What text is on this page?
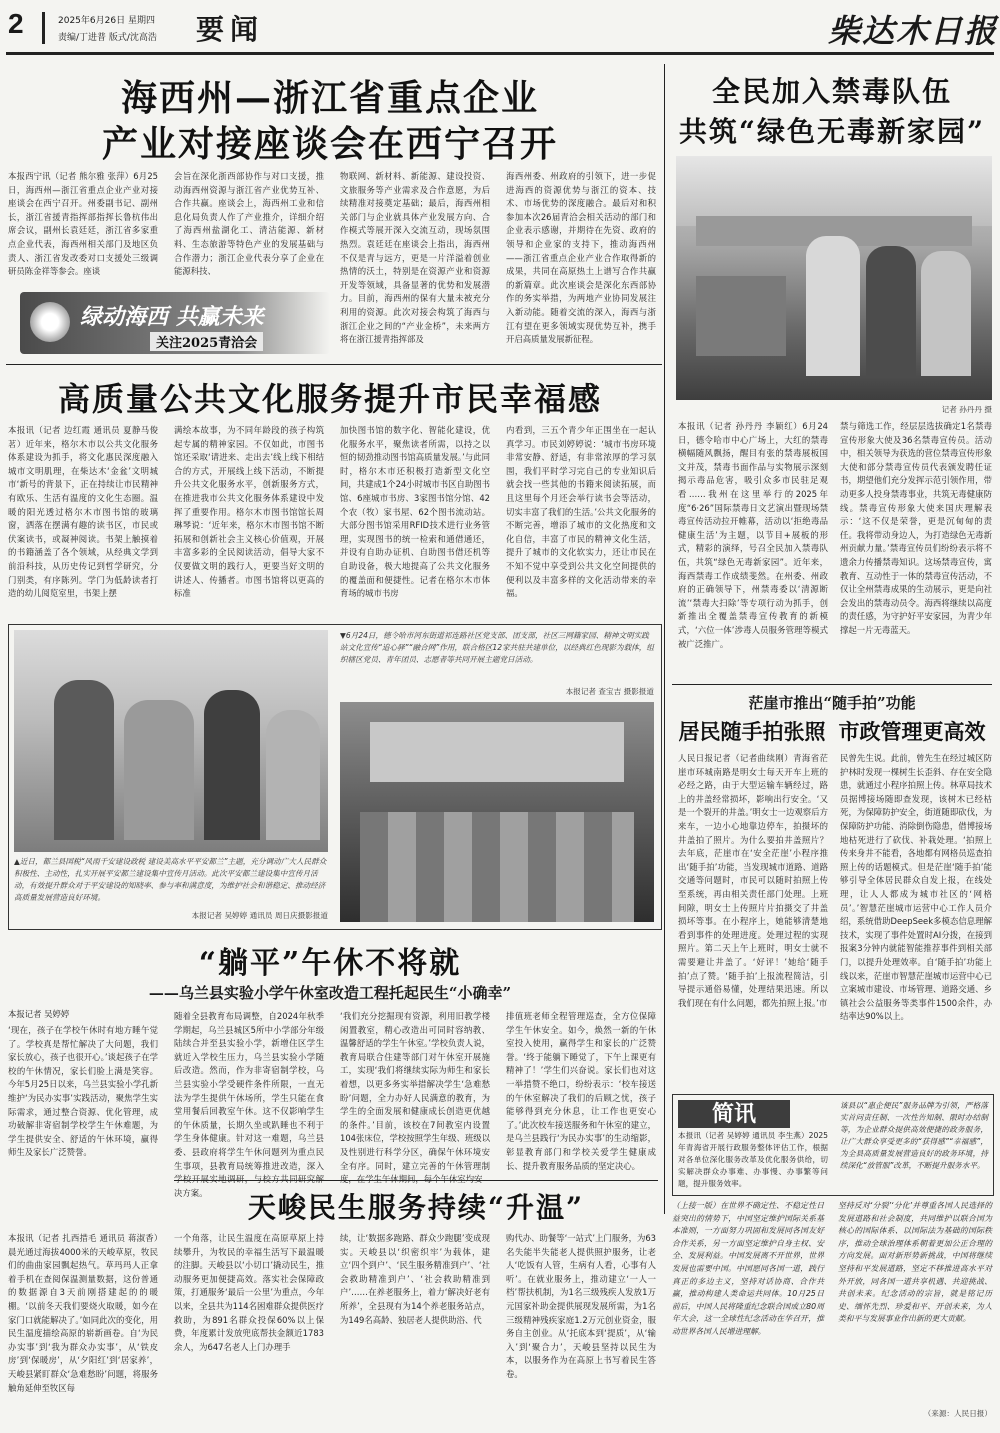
2	2025年6月26日 星期四
责编/丁进普 版式/沈高浩 要闻	柴达木日报
海西州—浙江省重点企业
产业对接座谈会在西宁召开
本报西宁讯（记者 熊尔雅 张萍）6月25日，海西州—浙江省重点企业产业对接座谈会在西宁召开。州委副书记、副州长，浙江省援青指挥部指挥长鲁杭伟出席会议，副州长袁廷廷，浙江省多家重点企业代表，海西州相关部门及地区负责人、浙江省发改委对口支援处三级调研员陈金祥等参会。座谈
会旨在深化浙西部协作与对口支援，推动海西州资源与浙江省产业优势互补、合作共赢。座谈会上，海西州工业和信息化局负责人作了产业推介，详细介绍了海西州盐湖化工、清洁能源、新材料、生态旅游等特色产业的发展基础与合作潜力；浙江企业代表分享了企业在能源科技、
物联网、新材料、新能源、建设投资、文旅服务等产业需求及合作意愿，为后续精准对接奠定基础；最后，海西州相关部门与企业就具体产业发展方向、合作模式等展开深入交流互动，现场氛围热烈。袁廷廷在座谈会上指出，海西州不仅是青与远方，更是一片洋溢着创业热情的沃土，特别是在资源产业和资源开发等领域，具备显著的优势和发展潜力。目前，海西州的保有大量未被充分利用的资源。此次对接会构筑了海西与浙江企业之间的“产业金桥”，未来两方将在浙江援青指挥部及
海西州委、州政府的引领下，进一步促进海西的资源优势与浙江的资本、技术、市场优势的深度融合。最后对和积参加本次26届青洽会相关活动的部门和企业表示感谢，并期待在先资、政府的领导和企业家的支持下，推动海西州——浙江省重点企业产业合作取得新的成果，共同在高原热土上谱写合作共赢的新篇章。此次座谈会是深化东西部协作的务实举措，为两地产业协同发展注入新动能。随着交流的深入，海西与浙江有望在更多领域实现优势互补，携手开启高质量发展新征程。
绿动海西 共赢未来
关注2025青洽会
全民加入禁毒队伍
共筑“绿色无毒新家园”
记者 孙丹丹 摄
本报讯（记者 孙丹丹 李颖红）6月24日，德令哈市中心广场上，大红的禁毒横幅随风飘扬，醒目有张的禁毒展板国文并茂，禁毒书面作品与实物展示深刻揭示毒品危害，吸引众多市民驻足观看……我州在这里举行的2025年度“6·26”国际禁毒日文艺演出暨现场禁毒宣传活动拉开帷幕，活动以‘拒绝毒品 健康生活’为主题，以节目+展板的形式，精彩的演绎，号召全民加入禁毒队伍，共筑“绿色无毒新家园”。近年来，海西禁毒工作成绩斐然。在州委、州政府的正确领导下，州禁毒委以‘清源断流’‘禁毒大扫除’等专项行动为抓手，创新推出全覆盖禁毒宣传教育的新模式，‘六位一体’涉毒人员服务管理等模式被广泛推广。
禁与筛选工作，经层层选拔确定1名禁毒宣传形象大使及36名禁毒宣传员。活动中，相关领导为获选的营位禁毒宣传形象大使和部分禁毒宣传员代表颁发聘任证书，期望他们充分发挥示范引领作用，带动更多人投身禁毒事业，共筑无毒健康防线。禁毒宣传形象大使来国庆理解表示：‘这不仅是荣誉，更是沉甸甸的责任。我将带动身边人，为打造绿色无毒新州贡献力量。’禁毒宣传员们纷纷表示将不遗余力传播禁毒知识。这场禁毒宣传，寓教育、互动性于一体的禁毒宣传活动，不仅让全州禁毒成果的生动展示，更是向社会发出的禁毒动员令。海西将继续以高度的责任感，为守护好平安家园，为青少年撑起一片无毒蓝天。
高质量公共文化服务提升市民幸福感
本报讯（记者 边红霞 通讯员 夏静马俊茗）近年来，格尔木市以公共文化服务体系建设为抓手，将文化惠民深度融入城市文明肌理，在柴达木‘金盆’文明城市‘新号的背景下，正在持续让市民精神有欧乐、生活有温度的文化生态圈。温暖的阳光透过格尔木市图书馆的玻璃窗，洒落在摆满有趣的读书区，市民或伏案读书，或凝神阅读。书架上触摸着的书籍涵盖了各个领域，从经典文学到前沿科技，从历史传记到哲学研究，分门别类，有序陈列。学门为低龄读者打造的幼儿阅览室里，书架上摆
满绘本故事，为不同年龄段的孩子构筑起专属的精神家园。不仅如此，市图书馆还采取‘请进来、走出去’线上线下相结合的方式，开展线上线下活动，不断提升公共文化服务水平，创新服务方式，在推进我市公共文化服务体系建设中发挥了重要作用。格尔木市图书馆馆长周琳琴说：‘近年来，格尔木市图书馆不断拓展和创新社会主义核心价值观，开展丰富多彩的全民阅读活动，倡导大家不仅要做文明的践行人，更要当好文明的讲述人、传播者。市图书馆将以更高的标准
加快图书馆的数字化、智能化建设，优化服务水平，聚焦读者所需，以持之以恒的韧劲推动图书馆高质量发展。’与此同时，格尔木市还积极打造新型文化空间，共建成1个24小时城市书区自助图书馆、6座城市书房、3家图书馆分馆、42个农（牧）家书屋、62个图书流动站。大部分图书馆采用RFID技术进行业务管理，实现图书的统一检索和通借通还，并设有自助办证机、自助图书借还机等自助设备，极大地提高了公共文化服务的覆盖面和便捷性。记者在格尔木市体育场的城市书房
内看到，三五个青少年正围坐在一起认真学习。市民刘婷婷说：‘城市书房环境非常安静、舒适，有非常浓厚的学习氛围，我们平时学习完自己的专业知识后就会找一些其他的书籍来阅读拓展，而且这里每个月还会举行读书会等活动，切实丰富了我们的生活。’公共文化服务的不断完善，增添了城市的文化热度和文化自信，丰富了市民的精神文化生活，提升了城市的文化软实力，还让市民在不知不觉中享受到公共文化空间提供的便利以及丰富多样的文化活动带来的幸福。
▲近日，都兰县国税“风雨千安建设政税 建设美高水平平安都兰”主题，充分调动广大人民群众积极性、主动性，扎实开展平安都兰建设集中宣传月活动。此次平安都兰建设集中宣传月活动，有效提升群众对于平安建设的知晓率、参与率和满意度，为维护社会和谐稳定、推动经济高质量发展营造良好环境。
本报记者 吴婷婷 通讯员 周日庆摄影报道
▼6月24日，德令哈市河东街道祁连路社区党支部、团支部，社区三网籍家园、精神文明实践站文化宣传“追心驿”“融合网”作用，联合格区12家共驻共建单位，以经典红色现影为载体，组织辖区党员、青年团员、志愿者等共同开展主题党日活动。
本报记者 查宝吉 摄影报道
茫崖市推出“随手拍”功能
居民随手拍张照 市政管理更高效
人民日报记者（记者曲续刚）青海省茫崖市环城南路是明女士每天开车上班的必经之路，由于大型运输车辆经过，路上的井盖经常损坏，影响出行安全。‘又是一个裂开的井盖。’明女士一边观察后方来车，一边小心地靠边停车，拍摄坏的井盖拍了照片。为什么要拍井盖照片？去年底，茫崖市在‘安全茫崖’小程序推出‘随手拍’功能，当发现城市道路、道路交通等问题时，市民可以随时拍照上传至系统，再由相关责任部门处理。上班间隙，明女士上传照片片拍摄交了井盖损坏等事。在小程序上，她能够清楚地看到事件的处理进度。处理过程的实现照片。第二天上午上班时，明女士就不需要避让井盖了。‘好评！’她给‘随手拍’点了赞。‘随手拍’上报流程简洁，引导提示通俗易懂，处理结果迅速。所以我们现在有什么问题，都先拍照上报。’市
民曾先生说。此前，曾先生在经过城区防护林时发现一棵树生长歪斜、存在安全隐患，就通过小程序拍照上传。林草局技术员据博接场随即查发现，该树木已经枯死，为保障防护安全，街道随即砍伐，为保障防护功能、消除倒伤隐患，借博接场地枯死进行了砍伐、补栽处理。‘拍照上传来身井不能看，各地都有网格员巡查拍照上传的话题模式。但是茫崖‘随手拍’能够引导全体居民群众自发上报，在线处理，让人人都成为城市社区的‘网格员’。’智慧茫崖城市运营中心工作人员介绍，系统借助DeepSeek多模态信息理解技术，实现了事件处置时AI分拨，在接到报案3分钟内就能智能推荐事件到相关部门，以提升处理效率。自‘随手拍’功能上线以来，茫崖市智慧茫崖城市运营中心已立案城市建设、市场管理、道路交通、乡镇社会公益服务等类事件1500余件，办结率达90%以上。
“躺平”午休不将就
——乌兰县实验小学午休室改造工程托起民生“小确幸”
本报记者 吴婷婷
‘现在，孩子在学校午休时有地方睡午觉了。学校真是帮忙解决了大问题，我们家长放心，孩子也很开心。’谈起孩子在学校的午休情况，家长们脸上满是笑容。今年5月25日以来，乌兰县实验小学孔新维护‘为民办实事’实践活动，聚焦学生实际需求，通过整合资源、优化管理，成功破解非寄宿制学校学生午休难题，为学生提供安全、舒适的午休环境，赢得师生及家长广泛赞誉。
随着全县教育布局调整，自2024年秋季学期起，乌兰县城区5所中小学部分年级陆续合并至县实验小学，新增住区学生就近入学校生压力，乌兰县实验小学随后改造。然而，作为非寄宿制学校，乌兰县实验小学受硬件条件所限，一直无法为学生提供午休场所，学生只能在食堂用餐后回教室午休。这不仅影响学生的午休质量，长期久坐或趴睡也不利于学生身体健康。针对这一难题，乌兰县委、县政府将学生午休问题列为重点民生事项，县教育局统筹推进改造，深入 决方案。
‘我们充分挖掘现有资源，利用旧教学楼闲置教室，精心改造出可同时容纳教、温馨舒适的学生午休室。’学校负责人说，教育局联合住建等部门对午休室开展施工，实现‘我们将继续实际为师生和家长着想，以更多务实举措解决学生‘急难愁盼’问题，全力办好人民满意的教育，为学生的全面发展和健康成长创造更优越的条件。’目前，该校在7间教室内设置104张床位，学校按照学生年级、班级以及性别进行科学分区，确保午休环境安全有序。同时，建立完善的午休管理制
排值班老师全程管理巡查，全方位保障学生午休安全。如今，焕然一新的午休室投入使用，赢得学生和家长的广泛赞誉。‘终于能躺下睡觉了，下午上课更有精神了！’学生们兴奋说。家长们也对这一举措赞不绝口，纷纷表示：‘校车接送的午休室解决了我们的后顾之忧，孩子能够得到充分休息，让工作也更安心了。’此次校车接送服务和午休室的建立，是乌兰县践行‘为民办实事’的生动缩影，彰显教育部门和学校关爱学生健康成长、提升教育服务品质的坚定决心。
天峻民生服务持续“升温”
本报讯（记者 扎西措毛 通讯员 蒋淑香）晨光通过海拔4000米的天峻草原，牧民们的曲曲家园飘起热气。草玛玛人正拿着手机在查阅保温测量数据，这份普通的数据源自3天前刚搭建起的的暖棚。‘以前冬天我们要烧火取暖，如今在家门口就能解决了。’如同此次的变化，用民生温度描绘高原的崭新画卷。自‘为民办实事’到‘我为群众办实事’，从‘铁皮房’到‘保暖房’，从‘夕阳红’到‘居家养’，天峻县紧盯群众‘急难愁盼’问题，将服务触角延伸至牧区每
一个角落，让民生温度在高原草原上持续攀升，为牧民的幸福生活写下最温暖的注脚。天峻县以‘小切口’撬动民生，推动服务更加便捷高效。落实社会保障政策，打通服务‘最后一公里’为重点，今年以来，全县共为114名困难群众提供医疗救助，为891名群众投保60%以上保费，年度累计发放兜底帮扶金额近1783余人，为647名老人上门办理手
续，让‘数据多跑路、群众少跑腿’变成现实。天峻县以‘织密织牢’为载体，建立‘四个到户’、‘民生服务精准到户’、‘社会救助精准到户’、‘社会救助精准到户’……在养老服务上，着力‘解决好老有所养’，全县现有为14个养老服务站点，为149名高龄、独居老人提供助浴、代
购代办、助餐等‘一站式’上门服务，为63名失能半失能老人提供照护服务，让老人‘吃饭有人管，生病有人看，心事有人听’。在就业服务上，推动建立‘一人一档’帮扶机制，为1名三级残疾人发放1万元国家补助金提供展现发展所需，为1名三级精神残疾家庭1.2万元创业资金，服务自主创业。从‘托底本到‘提质’，从‘输入’到‘聚合力’，天峻县坚持以民生为本，以服务作为在高原上书写着民生答卷。
简讯
本报讯（记者 吴婷婷 通讯员 李生燕）2025年青海省开展行政服务整体评估工作，根据对各单位深化服务改革及优化服务供给，切实解决群众办事难、办事慢、办事繁等问题，提升服务效率。
该县以“惠企便民”服务品牌为引领，严格落实首问责任制、一次性告知制、限时办结制等，为企业群众提供高效便捷的政务服务，让广大群众享受更多的“获得感”“幸福感”，为全县高质量发展营造良好的政务环境，持续深化“放管服”改革，不断提升服务水平。
（上接一版）在世界不确定性、不稳定性日益突出的情势下，中国坚定维护国际关系基本准则，一方面努力巩固和发展同各国友好合作关系，另一方面坚定维护自身主权、安全、发展利益。中国发展离不开世界，世界发展也需要中国。中国愿同各国一道，践行真正的多边主义，坚持对话协商、合作共赢，推动构建人类命运共同体。10月25日前后，中国人民将隆重纪念联合国成立80周年大会，这一全球性纪念活动在华召开，推动世界各国人民增进理解。
坚持反对‘分裂’‘分化’并尊重各国人民选择的发展道路和社会制度，共同维护以联合国为核心的国际体系、以国际法为基础的国际秩序，推动全球治理体系朝着更加公正合理的方向发展。面对新形势新挑战，中国将继续坚持和平发展道路，坚定不移推进高水平对外开放，同各国一道共享机遇、共迎挑战、共创未来。纪念活动的宗旨，就是铭记历史、缅怀先烈、珍爱和平、开创未来，为人类和平与发展事业作出新的更大贡献。
（来源：人民日报）
